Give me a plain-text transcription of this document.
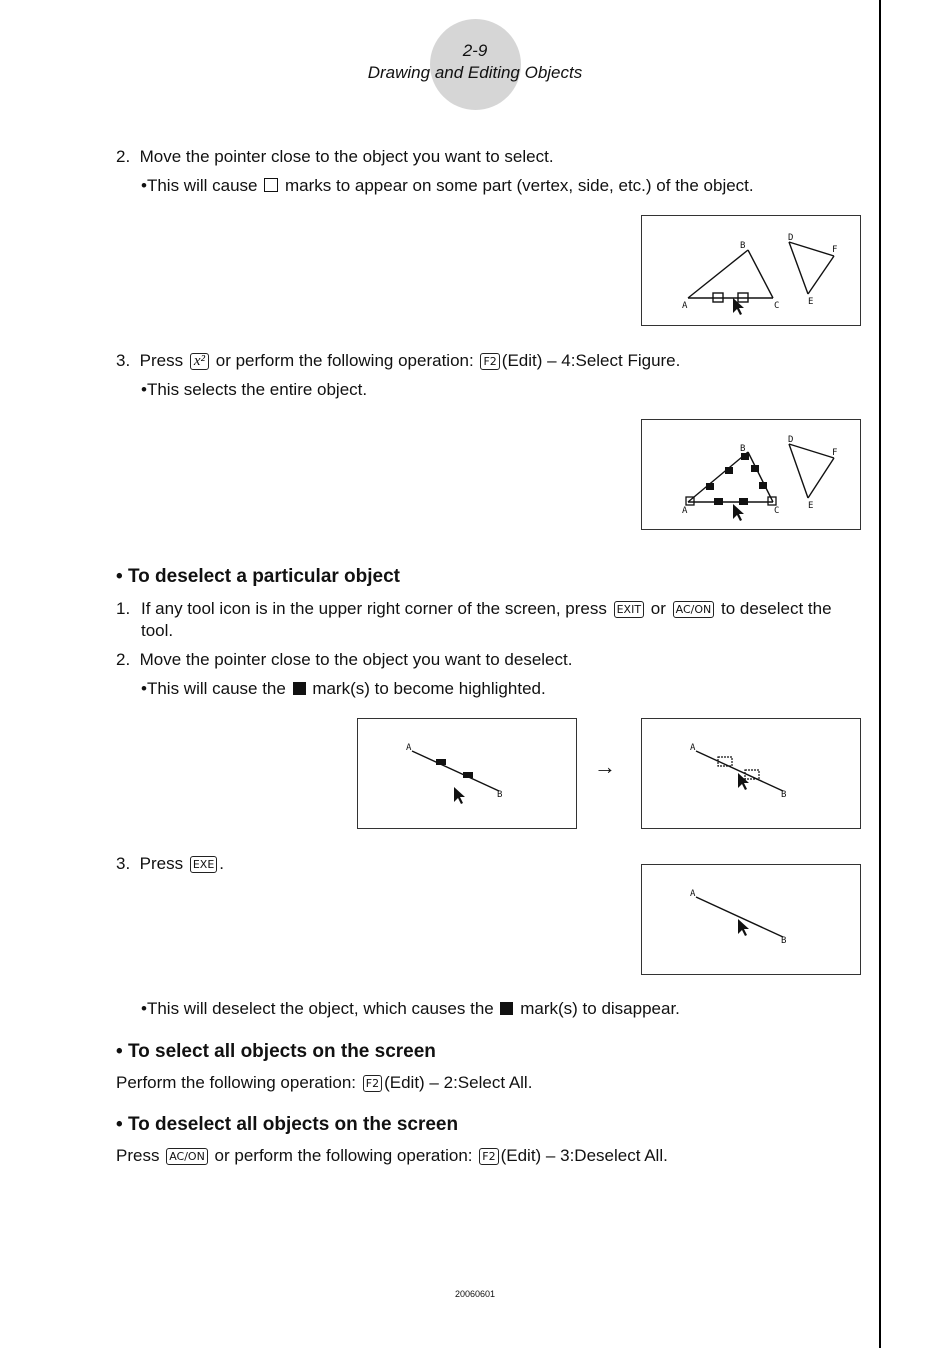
2-9
Drawing and Editing Objects
2. Move the pointer close to the object you want to select.
•This will cause marks to appear on some part (vertex, side, etc.) of the object.
A
B
C
D
E
F
3. Press x² or perform the following operation: F2 (Edit) – 4:Select Figure.
•This selects the entire object.
A
B
C
D
E
F
• To deselect a particular object
1. If any tool icon is in the upper right corner of the screen, press EXIT or AC/ON to deselect the tool.
2. Move the pointer close to the object you want to deselect.
•This will cause the mark(s) to become highlighted.
A
B
→
A
B
3. Press EXE .
A
B
•This will deselect the object, which causes the mark(s) to disappear.
• To select all objects on the screen
Perform the following operation: F2 (Edit) – 2:Select All.
• To deselect all objects on the screen
Press AC/ON or perform the following operation: F2 (Edit) – 3:Deselect All.
20060601
